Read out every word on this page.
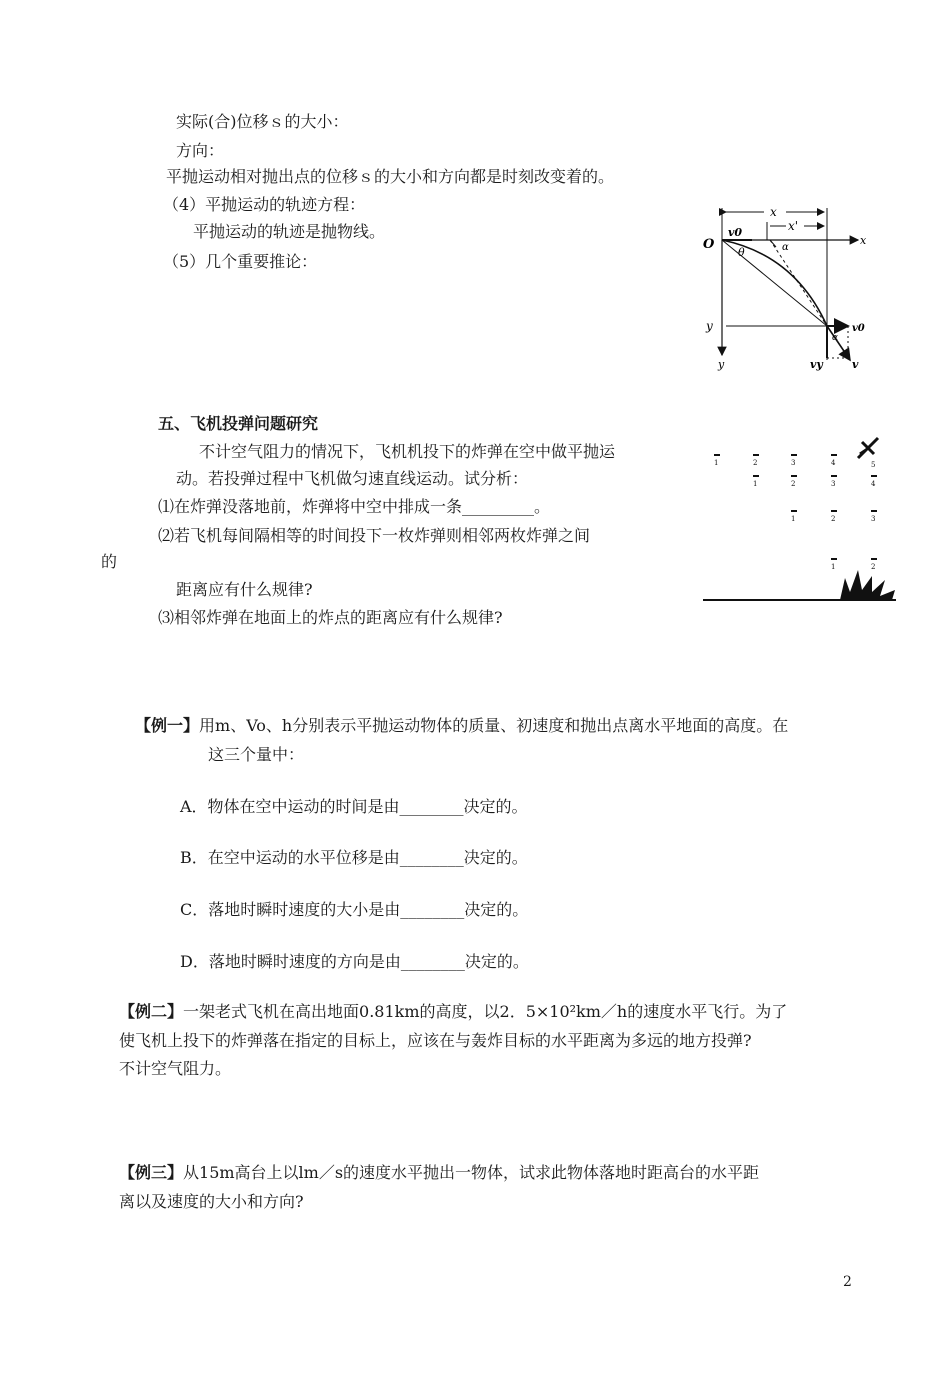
实际(合)位移ｓ的大小：
方向：
平抛运动相对抛出点的位移ｓ的大小和方向都是时刻改变着的。
（4）平抛运动的轨迹方程：
平抛运动的轨迹是抛物线。
（5）几个重要推论：
x
x'
x
O
v0
α
θ
y
y	v0
α
vy	v
五、飞机投弹问题研究
不计空气阻力的情况下，飞机机投下的炸弹在空中做平抛运
动。若投弹过程中飞机做匀速直线运动。试分析：
⑴在炸弹没落地前，炸弹将中空中排成一条_________。
⑵若飞机每间隔相等的时间投下一枚炸弹则相邻两枚炸弹之间
的
距离应有什么规律?
⑶相邻炸弹在地面上的炸点的距离应有什么规律?
1	2	3	4	5
1	2	3	4
1	2	3
1	2
【例一】用m、Vo、h分别表示平抛运动物体的质量、初速度和抛出点离水平地面的高度。在
这三个量中：
A．物体在空中运动的时间是由________决定的。
B．在空中运动的水平位移是由________决定的。
C．落地时瞬时速度的大小是由________决定的。
D．落地时瞬时速度的方向是由________决定的。
【例二】一架老式飞机在高出地面0.81km的高度，以2．5×10²km／h的速度水平飞行。为了
使飞机上投下的炸弹落在指定的目标上，应该在与轰炸目标的水平距离为多远的地方投弹?
不计空气阻力。
【例三】从15m高台上以lm／s的速度水平抛出一物体，试求此物体落地时距高台的水平距
离以及速度的大小和方向?
2
